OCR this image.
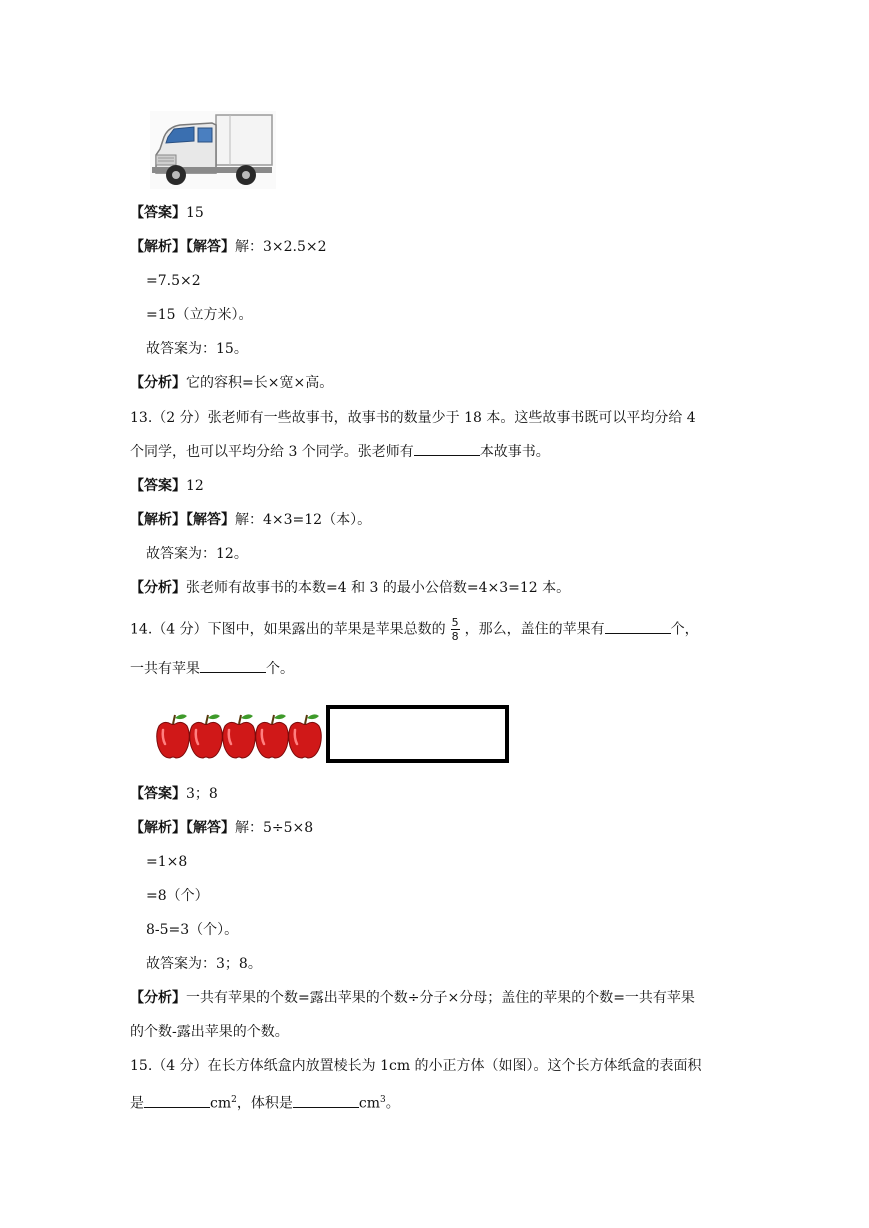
【答案】15
【解析】【解答】解：3×2.5×2
=7.5×2
=15（立方米）。
故答案为：15。
【分析】它的容积=长×宽×高。
13.（2 分）张老师有一些故事书，故事书的数量少于 18 本。这些故事书既可以平均分给 4
个同学，也可以平均分给 3 个同学。张老师有	本故事书。
【答案】12
【解析】【解答】解：4×3=12（本）。
故答案为：12。
【分析】张老师有故事书的本数=4 和 3 的最小公倍数=4×3=12 本。
14.（4 分）下图中，如果露出的苹果是苹果总数的 $\frac{5}{8}$ ，那么，盖住的苹果有	个，
一共有苹果	个。
【答案】3；8
【解析】【解答】解：5÷5×8
=1×8
=8（个）
8-5=3（个）。
故答案为：3；8。
【分析】一共有苹果的个数=露出苹果的个数÷分子×分母；盖住的苹果的个数=一共有苹果
的个数-露出苹果的个数。
15.（4 分）在长方体纸盒内放置棱长为 1cm 的小正方体（如图）。这个长方体纸盒的表面积
是	$cm^2$，体积是	$cm^3$。
